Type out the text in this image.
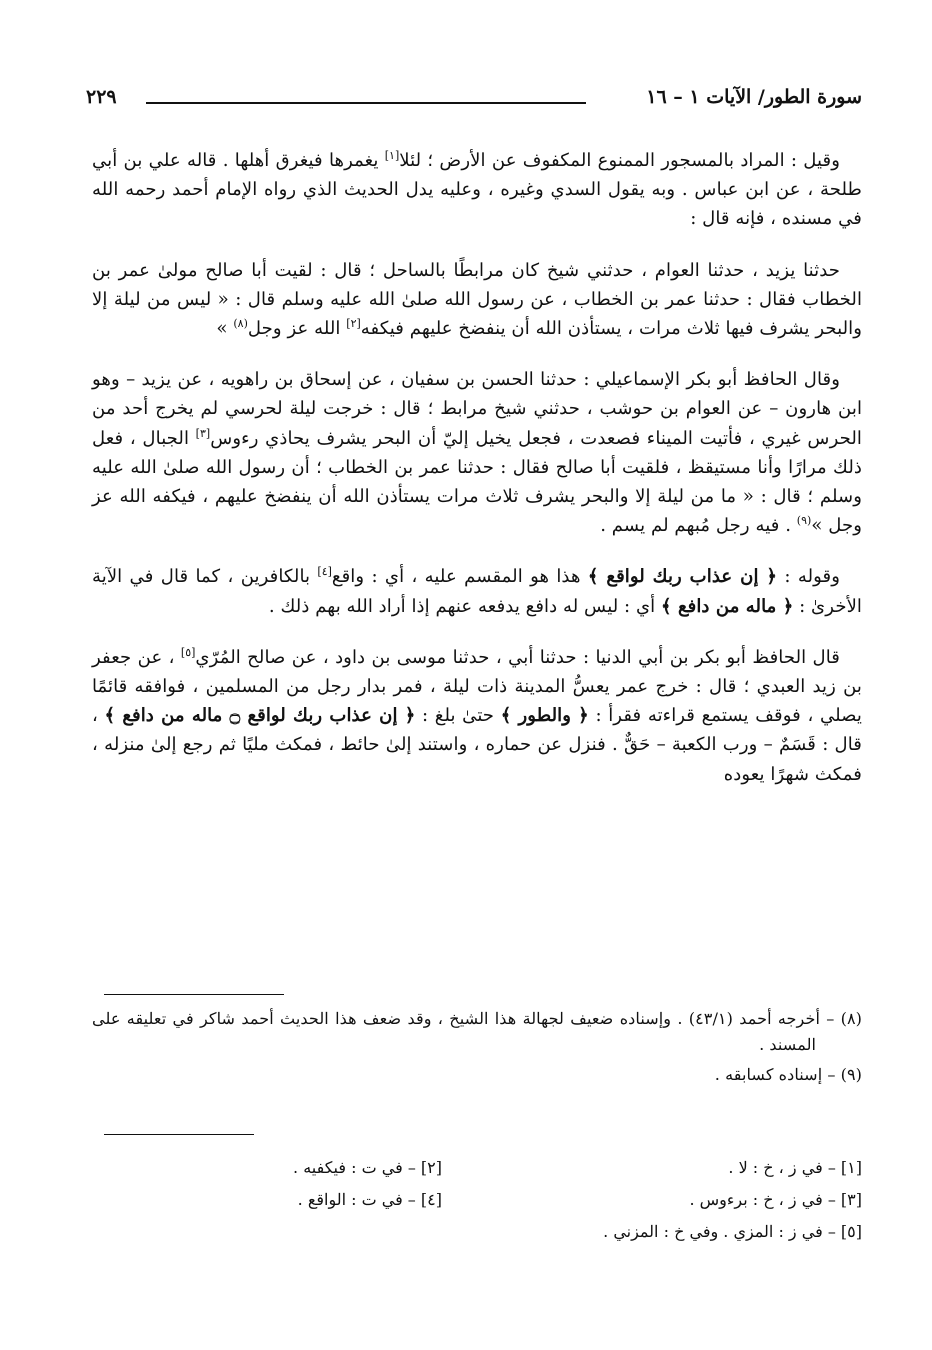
سورة الطور/ الآيات ١ – ١٦
٢٢٩

وقيل : المراد بالمسجور الممنوع المكفوف عن الأرض ؛ لئلا[١] يغمرها فيغرق أهلها . قاله علي بن أبي طلحة ، عن ابن عباس . وبه يقول السدي وغيره ، وعليه يدل الحديث الذي رواه الإمام أحمد رحمه الله في مسنده ، فإنه قال :

حدثنا يزيد ، حدثنا العوام ، حدثني شيخ كان مرابطًا بالساحل ؛ قال : لقيت أبا صالح مولىٰ عمر بن الخطاب فقال : حدثنا عمر بن الخطاب ، عن رسول الله صلىٰ الله عليه وسلم قال : « ليس من ليلة إلا والبحر يشرف فيها ثلاث مرات ، يستأذن الله أن ينفضخ عليهم فيكفه[٢] الله عز وجل$^{(٨)}$ »

وقال الحافظ أبو بكر الإسماعيلي : حدثنا الحسن بن سفيان ، عن إسحاق بن راهويه ، عن يزيد – وهو ابن هارون – عن العوام بن حوشب ، حدثني شيخ مرابط ؛ قال : خرجت ليلة لحرسي لم يخرج أحد من الحرس غيري ، فأتيت الميناء فصعدت ، فجعل يخيل إليّ أن البحر يشرف يحاذي رءوس[٣] الجبال ، فعل ذلك مرارًا وأنا مستيقظ ، فلقيت أبا صالح فقال : حدثنا عمر بن الخطاب ؛ أن رسول الله صلىٰ الله عليه وسلم ؛ قال : « ما من ليلة إلا والبحر يشرف ثلاث مرات يستأذن الله أن ينفضخ عليهم ، فيكفه الله عز وجل »$^{(٩)}$ . فيه رجل مُبهم لم يسم .

وقوله : ﴿ إن عذاب ربك لواقع ﴾ هذا هو المقسم عليه ، أي : واقع[٤] بالكافرين ، كما قال في الآية الأخرىٰ : ﴿ ماله من دافع ﴾ أي : ليس له دافع يدفعه عنهم إذا أراد الله بهم ذلك .

قال الحافظ أبو بكر بن أبي الدنيا : حدثنا أبي ، حدثنا موسى بن داود ، عن صالح المُرّي[٥] ، عن جعفر بن زيد العبدي ؛ قال : خرج عمر يعسُّ المدينة ذات ليلة ، فمر بدار رجل من المسلمين ، فوافقه قائمًا يصلي ، فوقف يستمع قراءته فقرأ : ﴿ والطور ﴾ حتىٰ بلغ : ﴿ إن عذاب ربك لواقع ۝ ماله من دافع ﴾ ، قال : قَسَمٌ – ورب الكعبة – حَقٌّ . فنزل عن حماره ، واستند إلىٰ حائط ، فمكث مليًا ثم رجع إلىٰ منزله ، فمكث شهرًا يعوده

(٨) – أخرجه أحمد (٤٣/١) . وإسناده ضعيف لجهالة هذا الشيخ ، وقد ضعف هذا الحديث أحمد شاكر في تعليقه على المسند .

(٩) – إسناده كسابقه .

[١] – في ز ، خ : لا .
[٢] – في ت : فيكفيه .
[٣] – في ز ، خ : برءوس .
[٤] – في ت : الواقع .
[٥] – في ز : المزي . وفي خ : المزني .
